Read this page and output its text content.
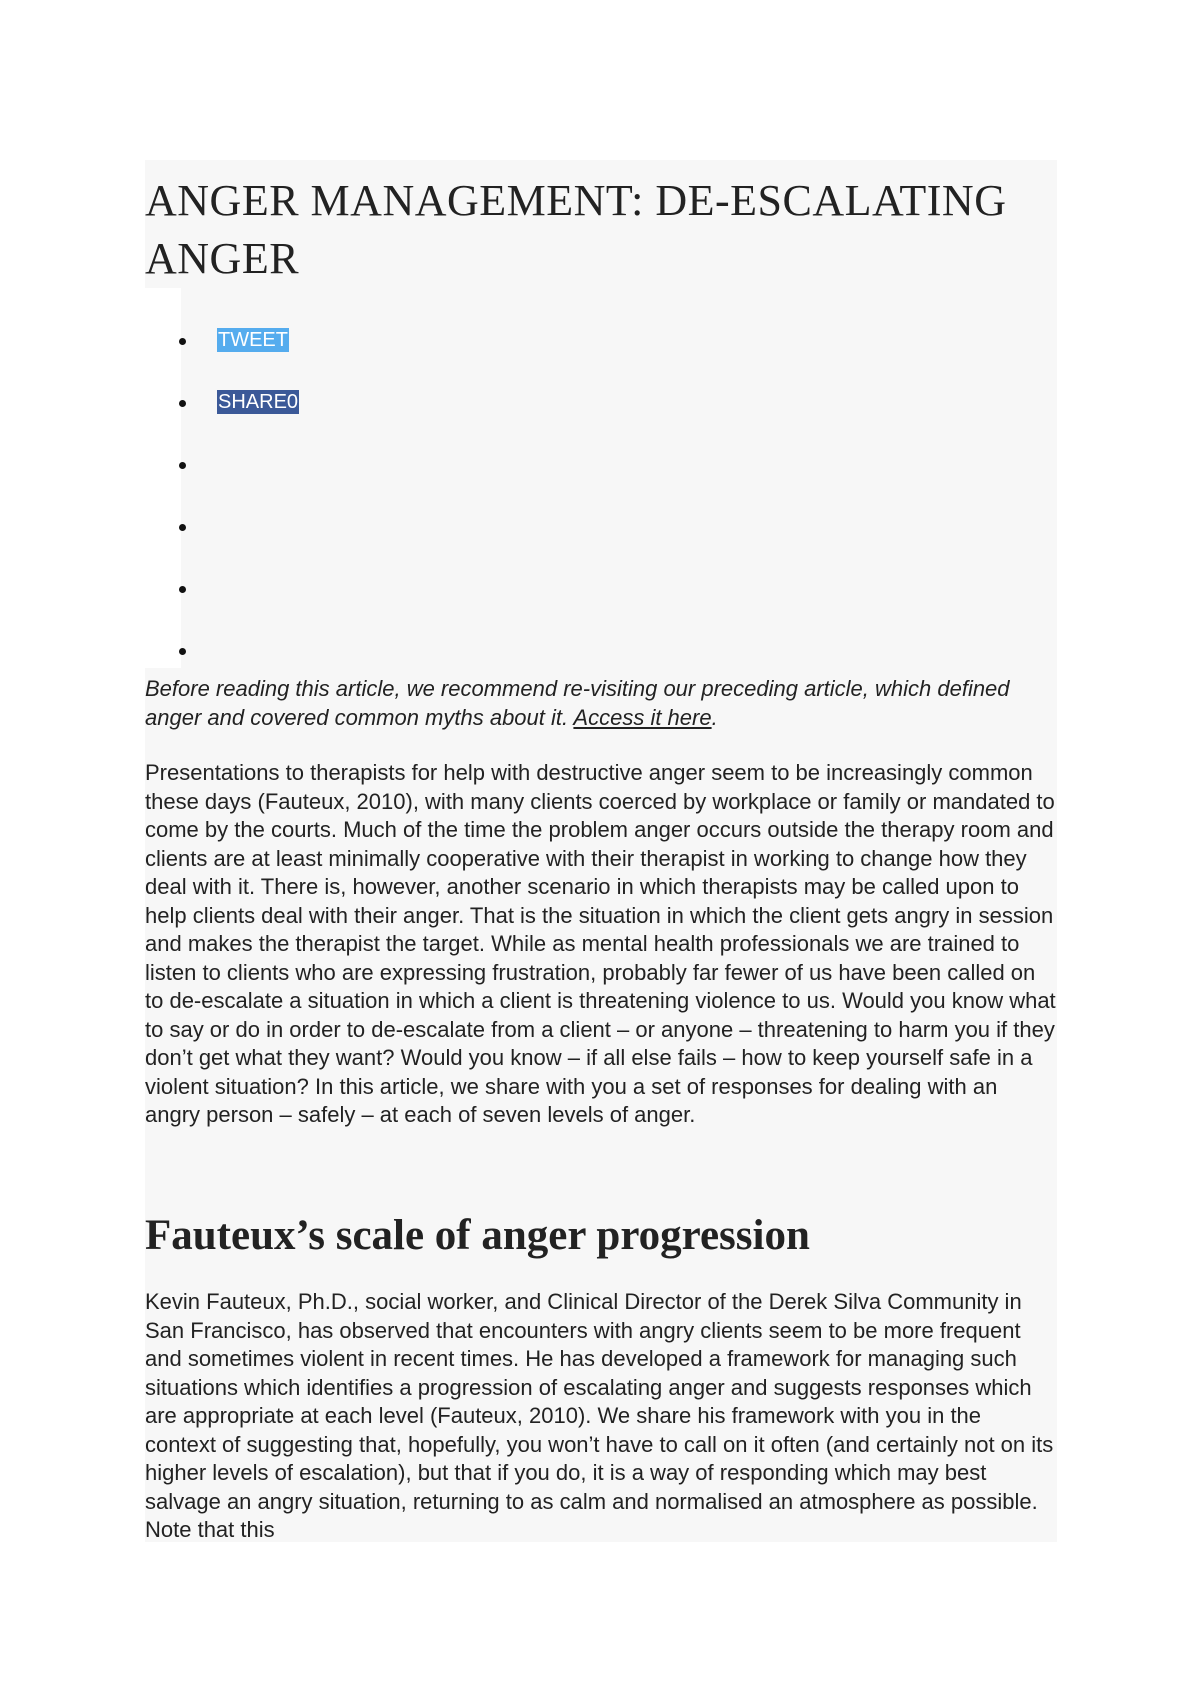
ANGER MANAGEMENT: DE-ESCALATING ANGER
TWEET
SHARE0

Before reading this article, we recommend re-visiting our preceding article, which defined anger and covered common myths about it. Access it here.

Presentations to therapists for help with destructive anger seem to be increasingly common these days (Fauteux, 2010), with many clients coerced by workplace or family or mandated to come by the courts. Much of the time the problem anger occurs outside the therapy room and clients are at least minimally cooperative with their therapist in working to change how they deal with it. There is, however, another scenario in which therapists may be called upon to help clients deal with their anger. That is the situation in which the client gets angry in session and makes the therapist the target. While as mental health professionals we are trained to listen to clients who are expressing frustration, probably far fewer of us have been called on to de-escalate a situation in which a client is threatening violence to us. Would you know what to say or do in order to de-escalate from a client – or anyone – threatening to harm you if they don’t get what they want? Would you know – if all else fails – how to keep yourself safe in a violent situation? In this article, we share with you a set of responses for dealing with an angry person – safely – at each of seven levels of anger.

Fauteux’s scale of anger progression

Kevin Fauteux, Ph.D., social worker, and Clinical Director of the Derek Silva Community in San Francisco, has observed that encounters with angry clients seem to be more frequent and sometimes violent in recent times. He has developed a framework for managing such situations which identifies a progression of escalating anger and suggests responses which are appropriate at each level (Fauteux, 2010). We share his framework with you in the context of suggesting that, hopefully, you won’t have to call on it often (and certainly not on its higher levels of escalation), but that if you do, it is a way of responding which may best salvage an angry situation, returning to as calm and normalised an atmosphere as possible. Note that this
